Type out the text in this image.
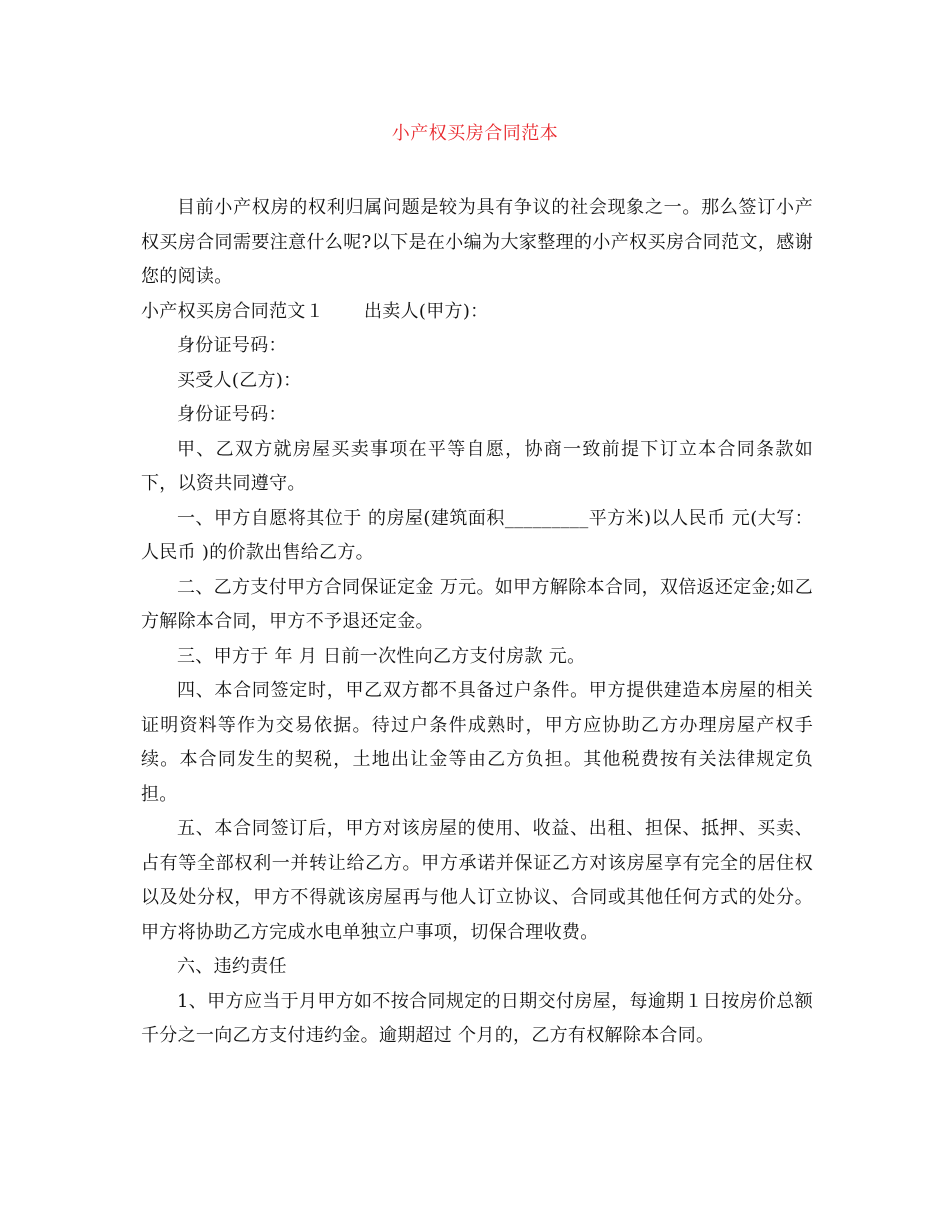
小产权买房合同范本

目前小产权房的权利归属问题是较为具有争议的社会现象之一。那么签订小产权买房合同需要注意什么呢?以下是在小编为大家整理的小产权买房合同范文，感谢您的阅读。

小产权买房合同范文１ 出卖人(甲方)：

身份证号码：

买受人(乙方)：

身份证号码：

甲、乙双方就房屋买卖事项在平等自愿，协商一致前提下订立本合同条款如下，以资共同遵守。

一、甲方自愿将其位于 的房屋(建筑面积_________平方米)以人民币 元(大写：人民币 )的价款出售给乙方。

二、乙方支付甲方合同保证定金 万元。如甲方解除本合同，双倍返还定金;如乙方解除本合同，甲方不予退还定金。

三、甲方于 年 月 日前一次性向乙方支付房款 元。

四、本合同签定时，甲乙双方都不具备过户条件。甲方提供建造本房屋的相关证明资料等作为交易依据。待过户条件成熟时，甲方应协助乙方办理房屋产权手续。本合同发生的契税，土地出让金等由乙方负担。其他税费按有关法律规定负担。

五、本合同签订后，甲方对该房屋的使用、收益、出租、担保、抵押、买卖、占有等全部权利一并转让给乙方。甲方承诺并保证乙方对该房屋享有完全的居住权以及处分权，甲方不得就该房屋再与他人订立协议、合同或其他任何方式的处分。甲方将协助乙方完成水电单独立户事项，切保合理收费。

六、违约责任

1、甲方应当于月甲方如不按合同规定的日期交付房屋，每逾期１日按房价总额千分之一向乙方支付违约金。逾期超过 个月的，乙方有权解除本合同。
